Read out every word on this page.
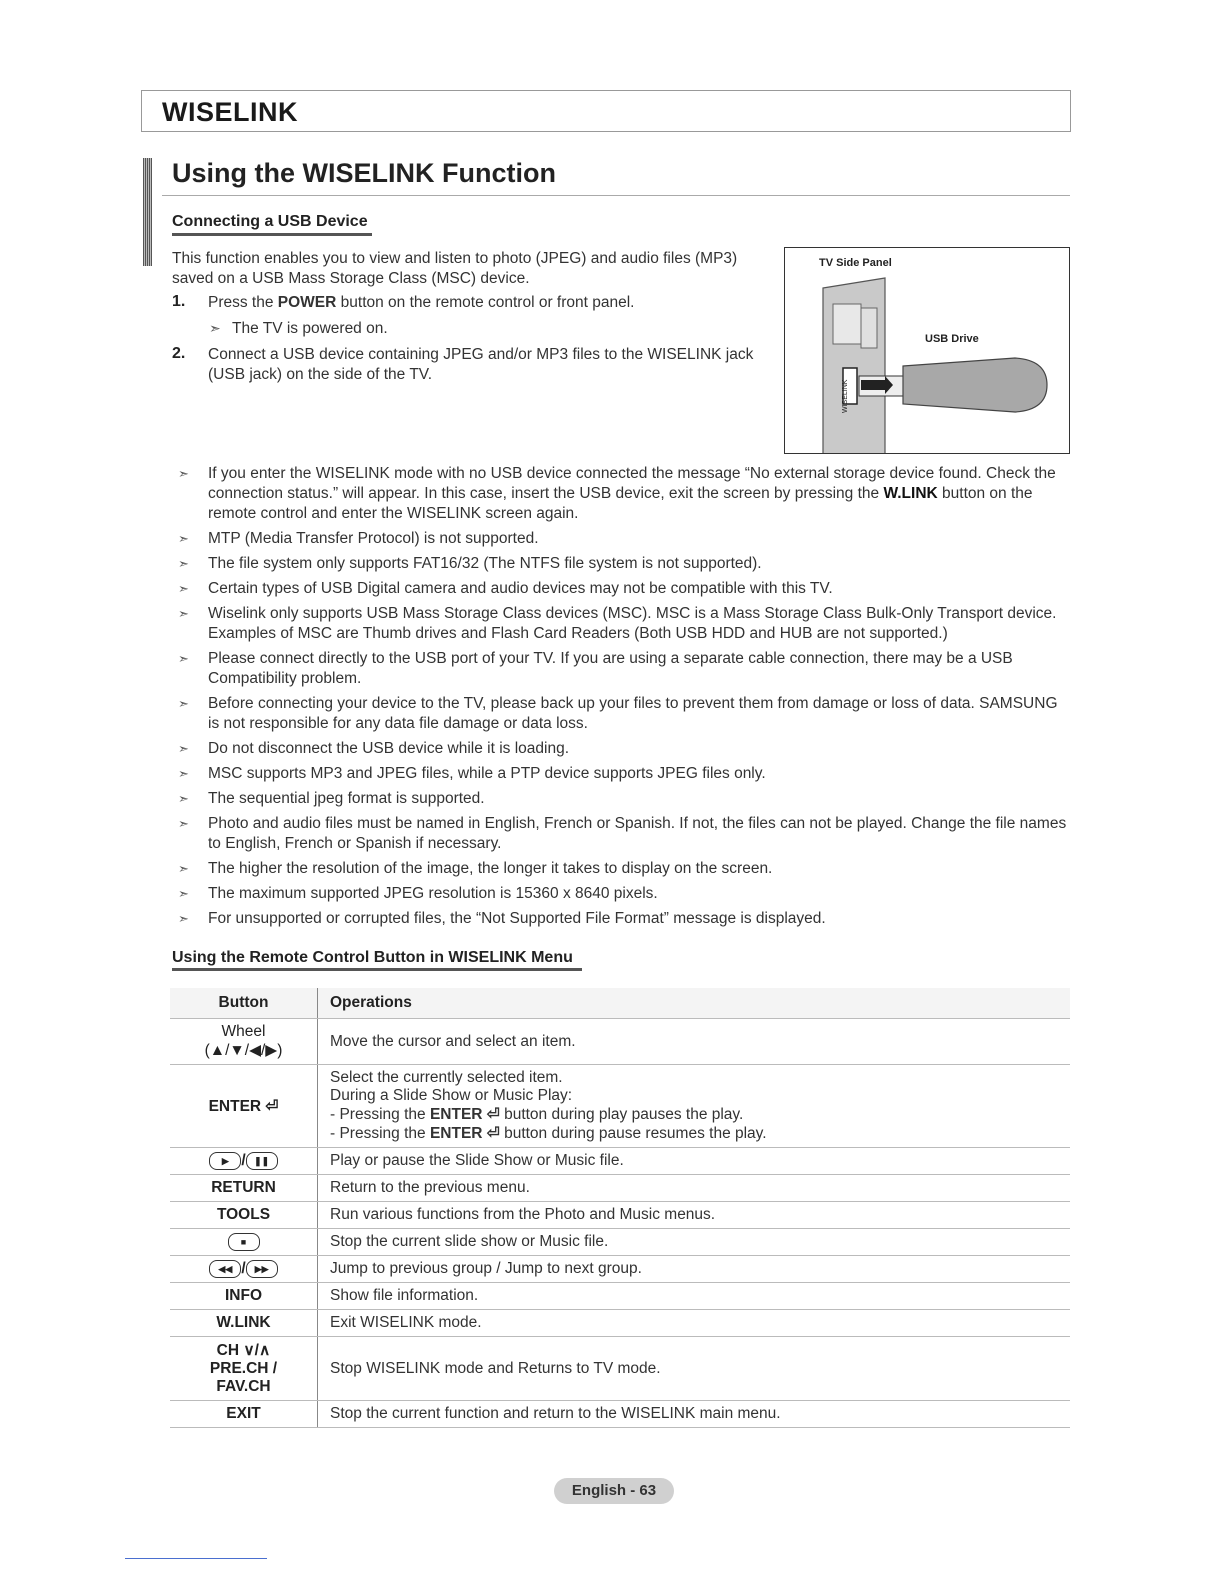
WISELINK
Using the WISELINK Function
Connecting a USB Device
This function enables you to view and listen to photo (JPEG) and audio files (MP3) saved on a USB Mass Storage Class (MSC) device.
1. Press the POWER button on the remote control or front panel.
➣ The TV is powered on.
2. Connect a USB device containing JPEG and/or MP3 files to the WISELINK jack (USB jack) on the side of the TV.
TV Side Panel
WISELINK
USB Drive
➣ If you enter the WISELINK mode with no USB device connected the message “No external storage device found. Check the connection status.” will appear. In this case, insert the USB device, exit the screen by pressing the W.LINK button on the remote control and enter the WISELINK screen again.
➣ MTP (Media Transfer Protocol) is not supported.
➣ The file system only supports FAT16/32 (The NTFS file system is not supported).
➣ Certain types of USB Digital camera and audio devices may not be compatible with this TV.
➣ Wiselink only supports USB Mass Storage Class devices (MSC). MSC is a Mass Storage Class Bulk-Only Transport device. Examples of MSC are Thumb drives and Flash Card Readers (Both USB HDD and HUB are not supported.)
➣ Please connect directly to the USB port of your TV. If you are using a separate cable connection, there may be a USB Compatibility problem.
➣ Before connecting your device to the TV, please back up your files to prevent them from damage or loss of data. SAMSUNG is not responsible for any data file damage or data loss.
➣ Do not disconnect the USB device while it is loading.
➣ MSC supports MP3 and JPEG files, while a PTP device supports JPEG files only.
➣ The sequential jpeg format is supported.
➣ Photo and audio files must be named in English, French or Spanish. If not, the files can not be played. Change the file names to English, French or Spanish if necessary.
➣ The higher the resolution of the image, the longer it takes to display on the screen.
➣ The maximum supported JPEG resolution is 15360 x 8640 pixels.
➣ For unsupported or corrupted files, the “Not Supported File Format” message is displayed.
Using the Remote Control Button in WISELINK Menu
Button	Operations

Wheel
(▲/▼/◀/▶)	Move the cursor and select an item.
ENTER ⏎	Select the currently selected item.
During a Slide Show or Music Play:
- Pressing the ENTER ⏎ button during play pauses the play.
- Pressing the ENTER ⏎ button during pause resumes the play.

▶ / ❚❚	Play or pause the Slide Show or Music file.
RETURN	Return to the previous menu.
TOOLS	Run various functions from the Photo and Music menus.
■	Stop the current slide show or Music file.
◀◀ / ▶▶	Jump to previous group / Jump to next group.
INFO	Show file information.
W.LINK	Exit WISELINK mode.

CH ∨/∧
PRE.CH / FAV.CH	Stop WISELINK mode and Returns to TV mode.
EXIT	Stop the current function and return to the WISELINK main menu.
English - 63
